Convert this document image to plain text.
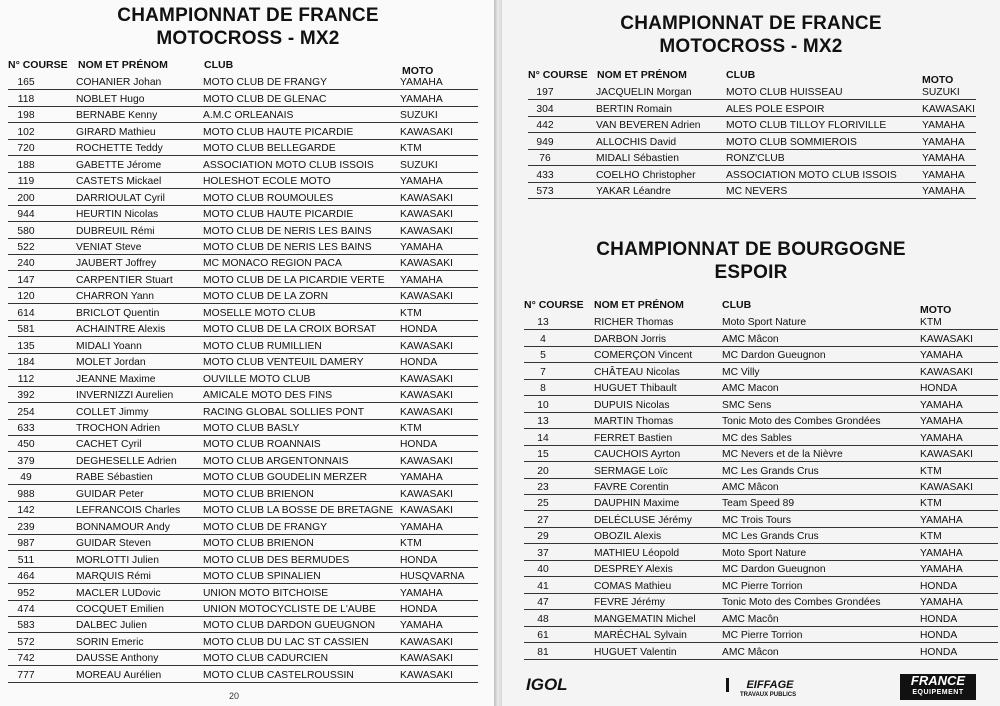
CHAMPIONNAT DE FRANCE
MOTOCROSS - MX2
N° COURSE NOM ET PRÉNOM	CLUB	MOTO
165	COHANIER Johan	MOTO CLUB DE FRANGY	YAMAHA
118	NOBLET Hugo	MOTO CLUB DE GLENAC	YAMAHA
198	BERNABE Kenny	A.M.C ORLEANAIS	SUZUKI
102	GIRARD Mathieu	MOTO CLUB HAUTE PICARDIE	KAWASAKI
720	ROCHETTE Teddy	MOTO CLUB BELLEGARDE	KTM
188	GABETTE Jérome	ASSOCIATION MOTO CLUB ISSOIS	SUZUKI
119	CASTETS Mickael	HOLESHOT ECOLE MOTO	YAMAHA
200	DARRIOULAT Cyril	MOTO CLUB ROUMOULES	KAWASAKI
944	HEURTIN Nicolas	MOTO CLUB HAUTE PICARDIE	KAWASAKI
580	DUBREUIL Rémi	MOTO CLUB DE NERIS LES BAINS	KAWASAKI
522	VENIAT Steve	MOTO CLUB DE NERIS LES BAINS	YAMAHA
240	JAUBERT Joffrey	MC MONACO REGION PACA	KAWASAKI
147	CARPENTIER Stuart	MOTO CLUB DE LA PICARDIE VERTE YAMAHA
120	CHARRON Yann	MOTO CLUB DE LA ZORN	KAWASAKI
614	BRICLOT Quentin	MOSELLE MOTO CLUB	KTM
581	ACHAINTRE Alexis	MOTO CLUB DE LA CROIX BORSAT HONDA
135	MIDALI Yoann	MOTO CLUB RUMILLIEN	KAWASAKI
184	MOLET Jordan	MOTO CLUB VENTEUIL DAMERY	HONDA
112	JEANNE Maxime	OUVILLE MOTO CLUB	KAWASAKI
392	INVERNIZZI Aurelien	AMICALE MOTO DES FINS	KAWASAKI
254	COLLET Jimmy	RACING GLOBAL SOLLIES PONT	KAWASAKI
633	TROCHON Adrien	MOTO CLUB BASLY	KTM
450	CACHET Cyril	MOTO CLUB ROANNAIS	HONDA
379	DEGHESELLE Adrien	MOTO CLUB ARGENTONNAIS	KAWASAKI
49	RABE Sébastien	MOTO CLUB GOUDELIN MERZER	YAMAHA
988	GUIDAR Peter	MOTO CLUB BRIENON	KAWASAKI
142	LEFRANCOIS Charles MOTO CLUB LA BOSSE DE BRETAGNE KAWASAKI
239	BONNAMOUR Andy	MOTO CLUB DE FRANGY	YAMAHA
987	GUIDAR Steven	MOTO CLUB BRIENON	KTM
511	MORLOTTI Julien	MOTO CLUB DES BERMUDES	HONDA
464	MARQUIS Rémi	MOTO CLUB SPINALIEN	HUSQVARNA
952	MACLER LUDovic	UNION MOTO BITCHOISE	YAMAHA
474	COCQUET Emilien	UNION MOTOCYCLISTE DE L'AUBE HONDA
583	DALBEC Julien	MOTO CLUB DARDON GUEUGNON YAMAHA
572	SORIN Emeric	MOTO CLUB DU LAC ST CASSIEN	KAWASAKI
742	DAUSSE Anthony	MOTO CLUB CADURCIEN	KAWASAKI
777	MOREAU Aurélien	MOTO CLUB CASTELROUSSIN	KAWASAKI
20
CHAMPIONNAT DE FRANCE
MOTOCROSS - MX2
N° COURSE NOM ET PRÉNOM	CLUB	MOTO
197	JACQUELIN Morgan	MOTO CLUB HUISSEAU	SUZUKI
304	BERTIN Romain	ALES POLE ESPOIR	KAWASAKI
442	VAN BEVEREN Adrien MOTO CLUB TILLOY FLORIVILLE	YAMAHA
949	ALLOCHIS David	MOTO CLUB SOMMIEROIS	YAMAHA
76	MIDALI Sébastien	RONZ'CLUB	YAMAHA
433	COELHO Christopher	ASSOCIATION MOTO CLUB ISSOIS YAMAHA
573	YAKAR Léandre	MC NEVERS	YAMAHA
CHAMPIONNAT DE BOURGOGNE
ESPOIR
N° COURSE NOM ET PRÉNOM	CLUB	MOTO
13	RICHER Thomas	Moto Sport Nature	KTM
4	DARBON Jorris	AMC Mâcon	KAWASAKI
5	COMERÇON Vincent	MC Dardon Gueugnon	YAMAHA
7	CHÂTEAU Nicolas	MC Villy	KAWASAKI
8	HUGUET Thibault	AMC Macon	HONDA
10	DUPUIS Nicolas	SMC Sens	YAMAHA
13	MARTIN Thomas	Tonic Moto des Combes Grondées	YAMAHA
14	FERRET Bastien	MC des Sables	YAMAHA
15	CAUCHOIS Ayrton	MC Nevers et de la Nièvre	KAWASAKI
20	SERMAGE Loïc	MC Les Grands Crus	KTM
23	FAVRE Corentin	AMC Mâcon	KAWASAKI
25	DAUPHIN Maxime	Team Speed 89	KTM
27	DELÉCLUSE Jérémy	MC Trois Tours	YAMAHA
29	OBOZIL Alexis	MC Les Grands Crus	KTM
37	MATHIEU Léopold	Moto Sport Nature	YAMAHA
40	DESPREY Alexis	MC Dardon Gueugnon	YAMAHA
41	COMAS Mathieu	MC Pierre Torrion	HONDA
47	FEVRE Jérémy	Tonic Moto des Combes Grondées	YAMAHA
48	MANGEMATIN Michel	AMC Macôn	HONDA
61	MARÉCHAL Sylvain	MC Pierre Torrion	HONDA
81	HUGUET Valentin	AMC Mâcon	HONDA
IGOL	EIFFAGE
TRAVAUX PUBLICS
FRANCE
EQUIPEMENT
